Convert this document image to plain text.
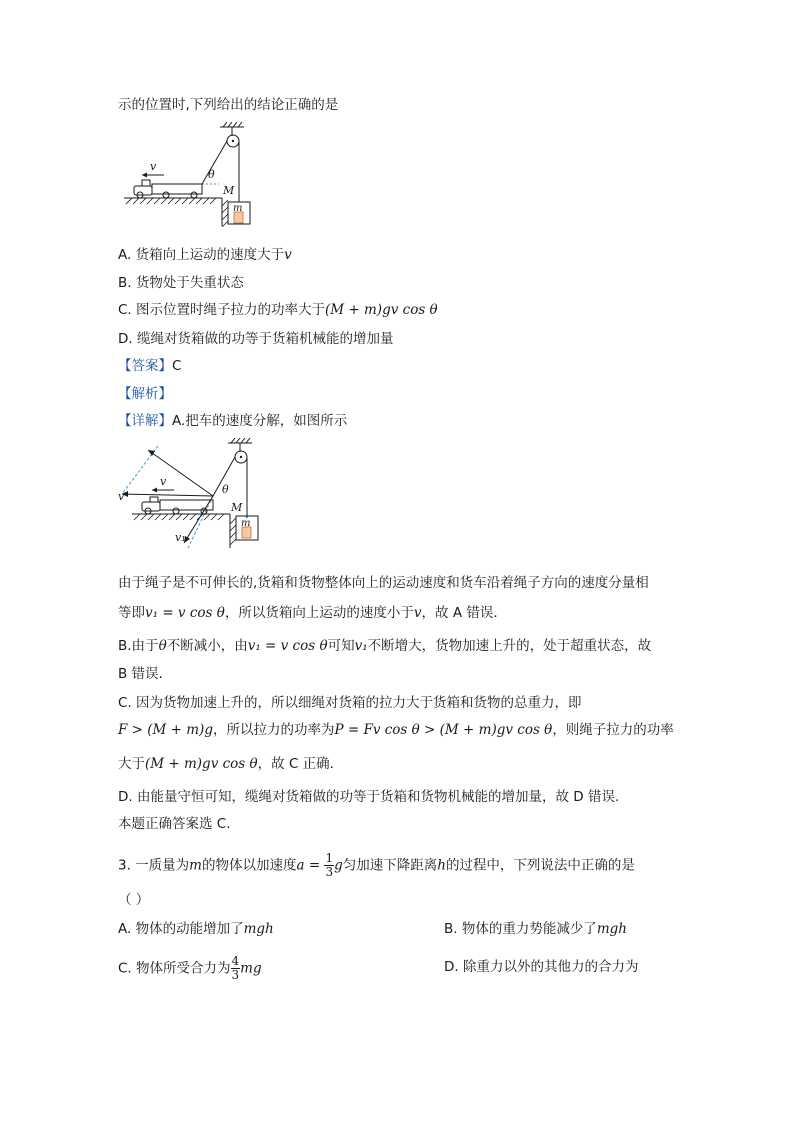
示的位置时,下列给出的结论正确的是
θ
v
M
m
A. 货箱向上运动的速度大于v
B. 货物处于失重状态
C. 图示位置时绳子拉力的功率大于(M + m)gv cos θ
D. 缆绳对货箱做的功等于货箱机械能的增加量
【答案】C
【解析】
【详解】A.把车的速度分解，如图所示
θ
v
v₁
v
M
m
由于绳子是不可伸长的,货箱和货物整体向上的运动速度和货车沿着绳子方向的速度分量相
等即v₁ = v cos θ，所以货箱向上运动的速度小于v，故 A 错误.
B.由于θ不断减小，由v₁ = v cos θ可知v₁不断增大，货物加速上升的，处于超重状态，故
B 错误.
C. 因为货物加速上升的，所以细绳对货箱的拉力大于货箱和货物的总重力，即
F > (M + m)g，所以拉力的功率为P = Fv cos θ > (M + m)gv cos θ，则绳子拉力的功率
大于(M + m)gv cos θ，故 C 正确.
D. 由能量守恒可知，缆绳对货箱做的功等于货箱和货物机械能的增加量，故 D 错误.
本题正确答案选 C.
3. 一质量为m的物体以加速度$a = \frac{1}{3}$ g匀加速下降距离h的过程中，下列说法中正确的是
（ ）
A. 物体的动能增加了mgh	B. 物体的重力势能减少了mgh
C. 物体所受合力为 $\frac{4}{3}$ mg	D. 除重力以外的其他力的合力为
